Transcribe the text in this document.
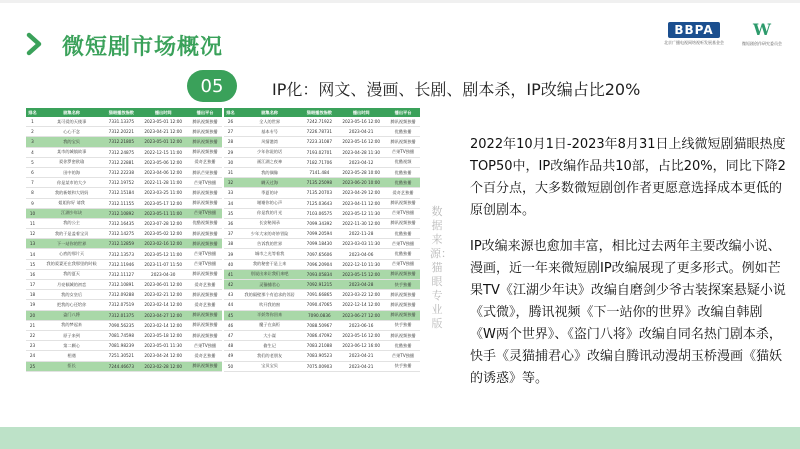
微短剧市场概况
BBPA
北京广播电视网络视听发展基金会
W
微短剧创作研究委员会
05	IP化：网文、漫画、长剧、剧本杀，IP改编占比20%
排名	剧集名称	猫眼播放指数	播出时间	播出平台
1	某可爱的天使事	7331.13375	2023-05-01 12:00	腾讯视频独播
2	心心不念	7312.20221	2023-04-21 12:00	腾讯视频独播
3	我的宝贝	7312.21805	2023-05-01 12:00	腾讯视频独播
4	某市的城镇故事	7312.24875	2022-12-15 11:00	腾讯视频独播
5	爱你罗密欧瑜	7312.22881	2023-05-06 12:00	爱奇艺独播
6	田中的海	7312.22238	2023-04-06 12:00	腾讯芒果独播
7	你是某市的大少	7312.19752	2022-11-28 11:00	芒果TV独播
8	我的新娘和大奶妈	7312.15184	2023-03-25 11:00	腾讯视频独播
9	姐姐你好 请我	7312.11155	2023-05-17 12:00	腾讯视频独播
10	江湖少年诀	7312.10892	2023-05-11 11:00	芒果TV独播
11	我的公主	7312.16435	2023-07-28 12:00	优酷视频独播
12	我的于是盖着宝贝	7312.14275	2023-05-02 12:00	腾讯视频独播
13	下一站你的世界	7312.12859	2023-02-16 12:00	腾讯视频独播
14	心底的那片天	7312.13573	2023-05-12 11:00	芒果TV独播
15	我的爱妻还在我那里的时候	7312.11946	2023-11-07 11:50	芒果TV独播
16	我的夏天	7312.11127	2023-04-30	腾讯视频独播
17	月亮倾城的初恋	7312.10891	2023-06-01 12:00	爱奇艺独播
18	我的女皇后	7312.09288	2023-02-21 12:00	腾讯视频独播
19	把我的心还给你	7312.07519	2023-02-14 12:00	爱奇艺独播
20	盗门八将	7312.01375	2023-04-27 12:00	腾讯视频独播
21	我的梦起来	7090.56235	2023-02-14 12:00	腾讯视频独播
22	原子来到	7081.74598	2023-05-18 12:00	腾讯视频独播
23	第二颗心	7081.98239	2023-05-01 11:30	芒果TV独播
24	相遇	7251.30521	2023-04-24 12:00	爱奇艺独播
25	拒长	7244.46673	2023-02-28 12:00	腾讯视频独播
排名	剧集名称	猫眼播放指数	播出时间	播出平台
26	全人的世界	7242.71922	2023-05-16 12:00	腾讯视频独播
27	基本专号	7226.78731	2023-04-21	优酷独播
28	风情港湾	7223.31087	2023-05-16 12:00	腾讯视频独播
29	少年你说的话	7193.02701	2023-04-28 11:30	芒果TV独播
30	画江湖之夜神	7182.71706	2023-04-12	优酷视频
31	我的偶像	7141.484	2023-05-28 10:00	优酷独播
32	瞒天过海	7135.25098	2023-06-20 10:00	优酷独播
33	季夏的诗	7135.20703	2023-04-29 12:00	爱奇艺独播
34	谢谢你的心声	7125.03643	2023-04-11 12:00	腾讯视频独播
35	你是我的月光	7103.06575	2023-05-12 11:30	芒果TV独播
36	长安秘闻录	7099.34392	2022-11-30 12:00	腾讯视频独播
37	少年大宋的奇妙冒险	7099.20594	2022-11-28	优酷独播
38	告诉我的世界	7099.18430	2023-03-03 11:30	芒果TV独播
39	城市之光等着我	7097.65606	2023-04-06	优酷独播
40	我的秘密于是上来	7096.20904	2022-12-10 11:30	芒果TV独播
41	别说出来让我们来吧	7093.05834	2023-05-15 12:00	腾讯视频独播
42	灵猫捕君心	7092.91215	2023-04-28	快手独播
43	我的隔壁那个有追求的邻居	7091.66865	2023-03-22 12:00	腾讯视频独播
44	吹开我的窗	7090.47065	2022-12-14 12:00	腾讯视频独播
45	半妖等你回来	7090.0836	2023-06-27 12:00	腾讯视频独播
46	魔子在高柜	7088.50967	2023-06-16	快手独播
47	大小谋	7086.47092	2023-05-16 12:00	腾讯视频独播
48	偷生记	7083.21088	2023-06-12 16:00	优酷独播
49	我们的老朋友	7083.90523	2023-04-21	芒果TV独播
50	宝贝宝贝	7075.00903	2023-04-21	快手独播
数据来源：猫眼专业版

2022年10月1日-2023年8月31日上线微短剧猫眼热度TOP50中，IP改编作品共10部，占比20%，同比下降2个百分点，大多数微短剧创作者更愿意选择成本更低的原创剧本。

IP改编来源也愈加丰富，相比过去两年主要改编小说、漫画，近一年来微短剧IP改编展现了更多形式。例如芒果TV《江湖少年诀》改编自磨剑少爷古装探案悬疑小说《式微》，腾讯视频《下一站你的世界》改编自韩剧《W两个世界》、《盗门八将》改编自同名热门剧本杀，快手《灵猫捕君心》改编自腾讯动漫胡玉桥漫画《猫妖的诱惑》等。
